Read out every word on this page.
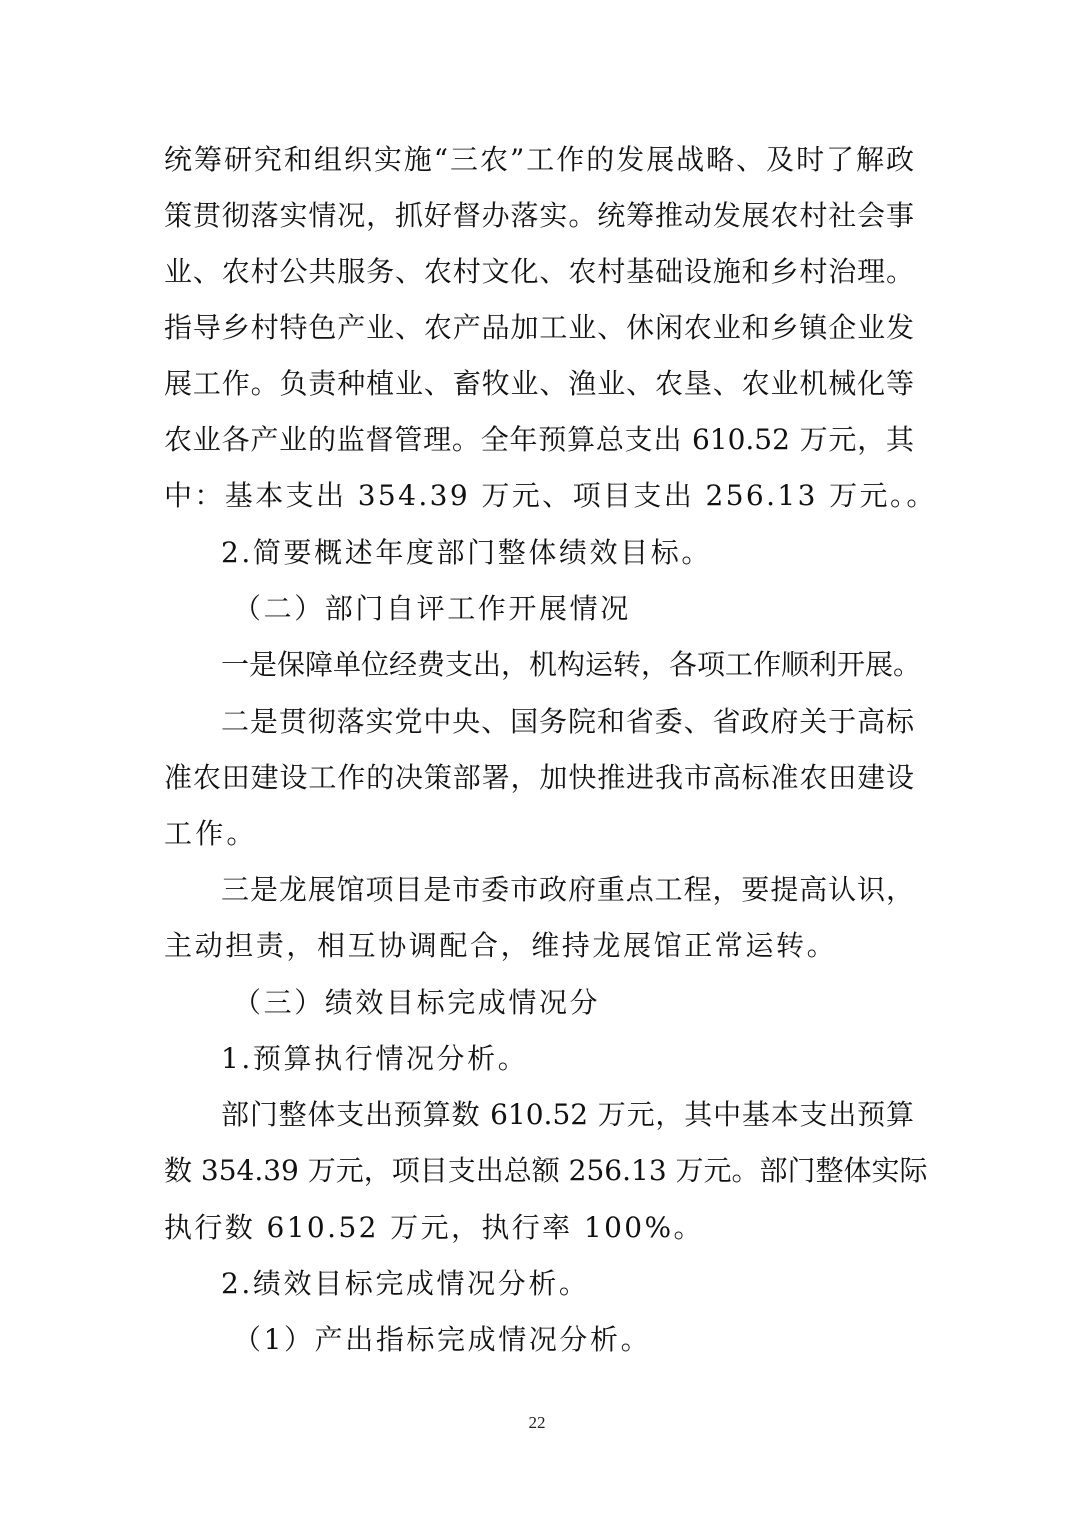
统筹研究和组织实施“三农”工作的发展战略、及时了解政
策贯彻落实情况，抓好督办落实。统筹推动发展农村社会事
业、农村公共服务、农村文化、农村基础设施和乡村治理。
指导乡村特色产业、农产品加工业、休闲农业和乡镇企业发
展工作。负责种植业、畜牧业、渔业、农垦、农业机械化等
农业各产业的监督管理。全年预算总支出 610.52 万元，其
中：基本支出 354.39 万元、项目支出 256.13 万元。。
2.简要概述年度部门整体绩效目标。
（二）部门自评工作开展情况
一是保障单位经费支出，机构运转，各项工作顺利开展。
二是贯彻落实党中央、国务院和省委、省政府关于高标
准农田建设工作的决策部署，加快推进我市高标准农田建设
工作。
三是龙展馆项目是市委市政府重点工程，要提高认识，
主动担责，相互协调配合，维持龙展馆正常运转。
（三）绩效目标完成情况分
1.预算执行情况分析。
部门整体支出预算数 610.52 万元，其中基本支出预算
数 354.39 万元，项目支出总额 256.13 万元。部门整体实际
执行数 610.52 万元，执行率 100%。
2.绩效目标完成情况分析。
（1）产出指标完成情况分析。
22
